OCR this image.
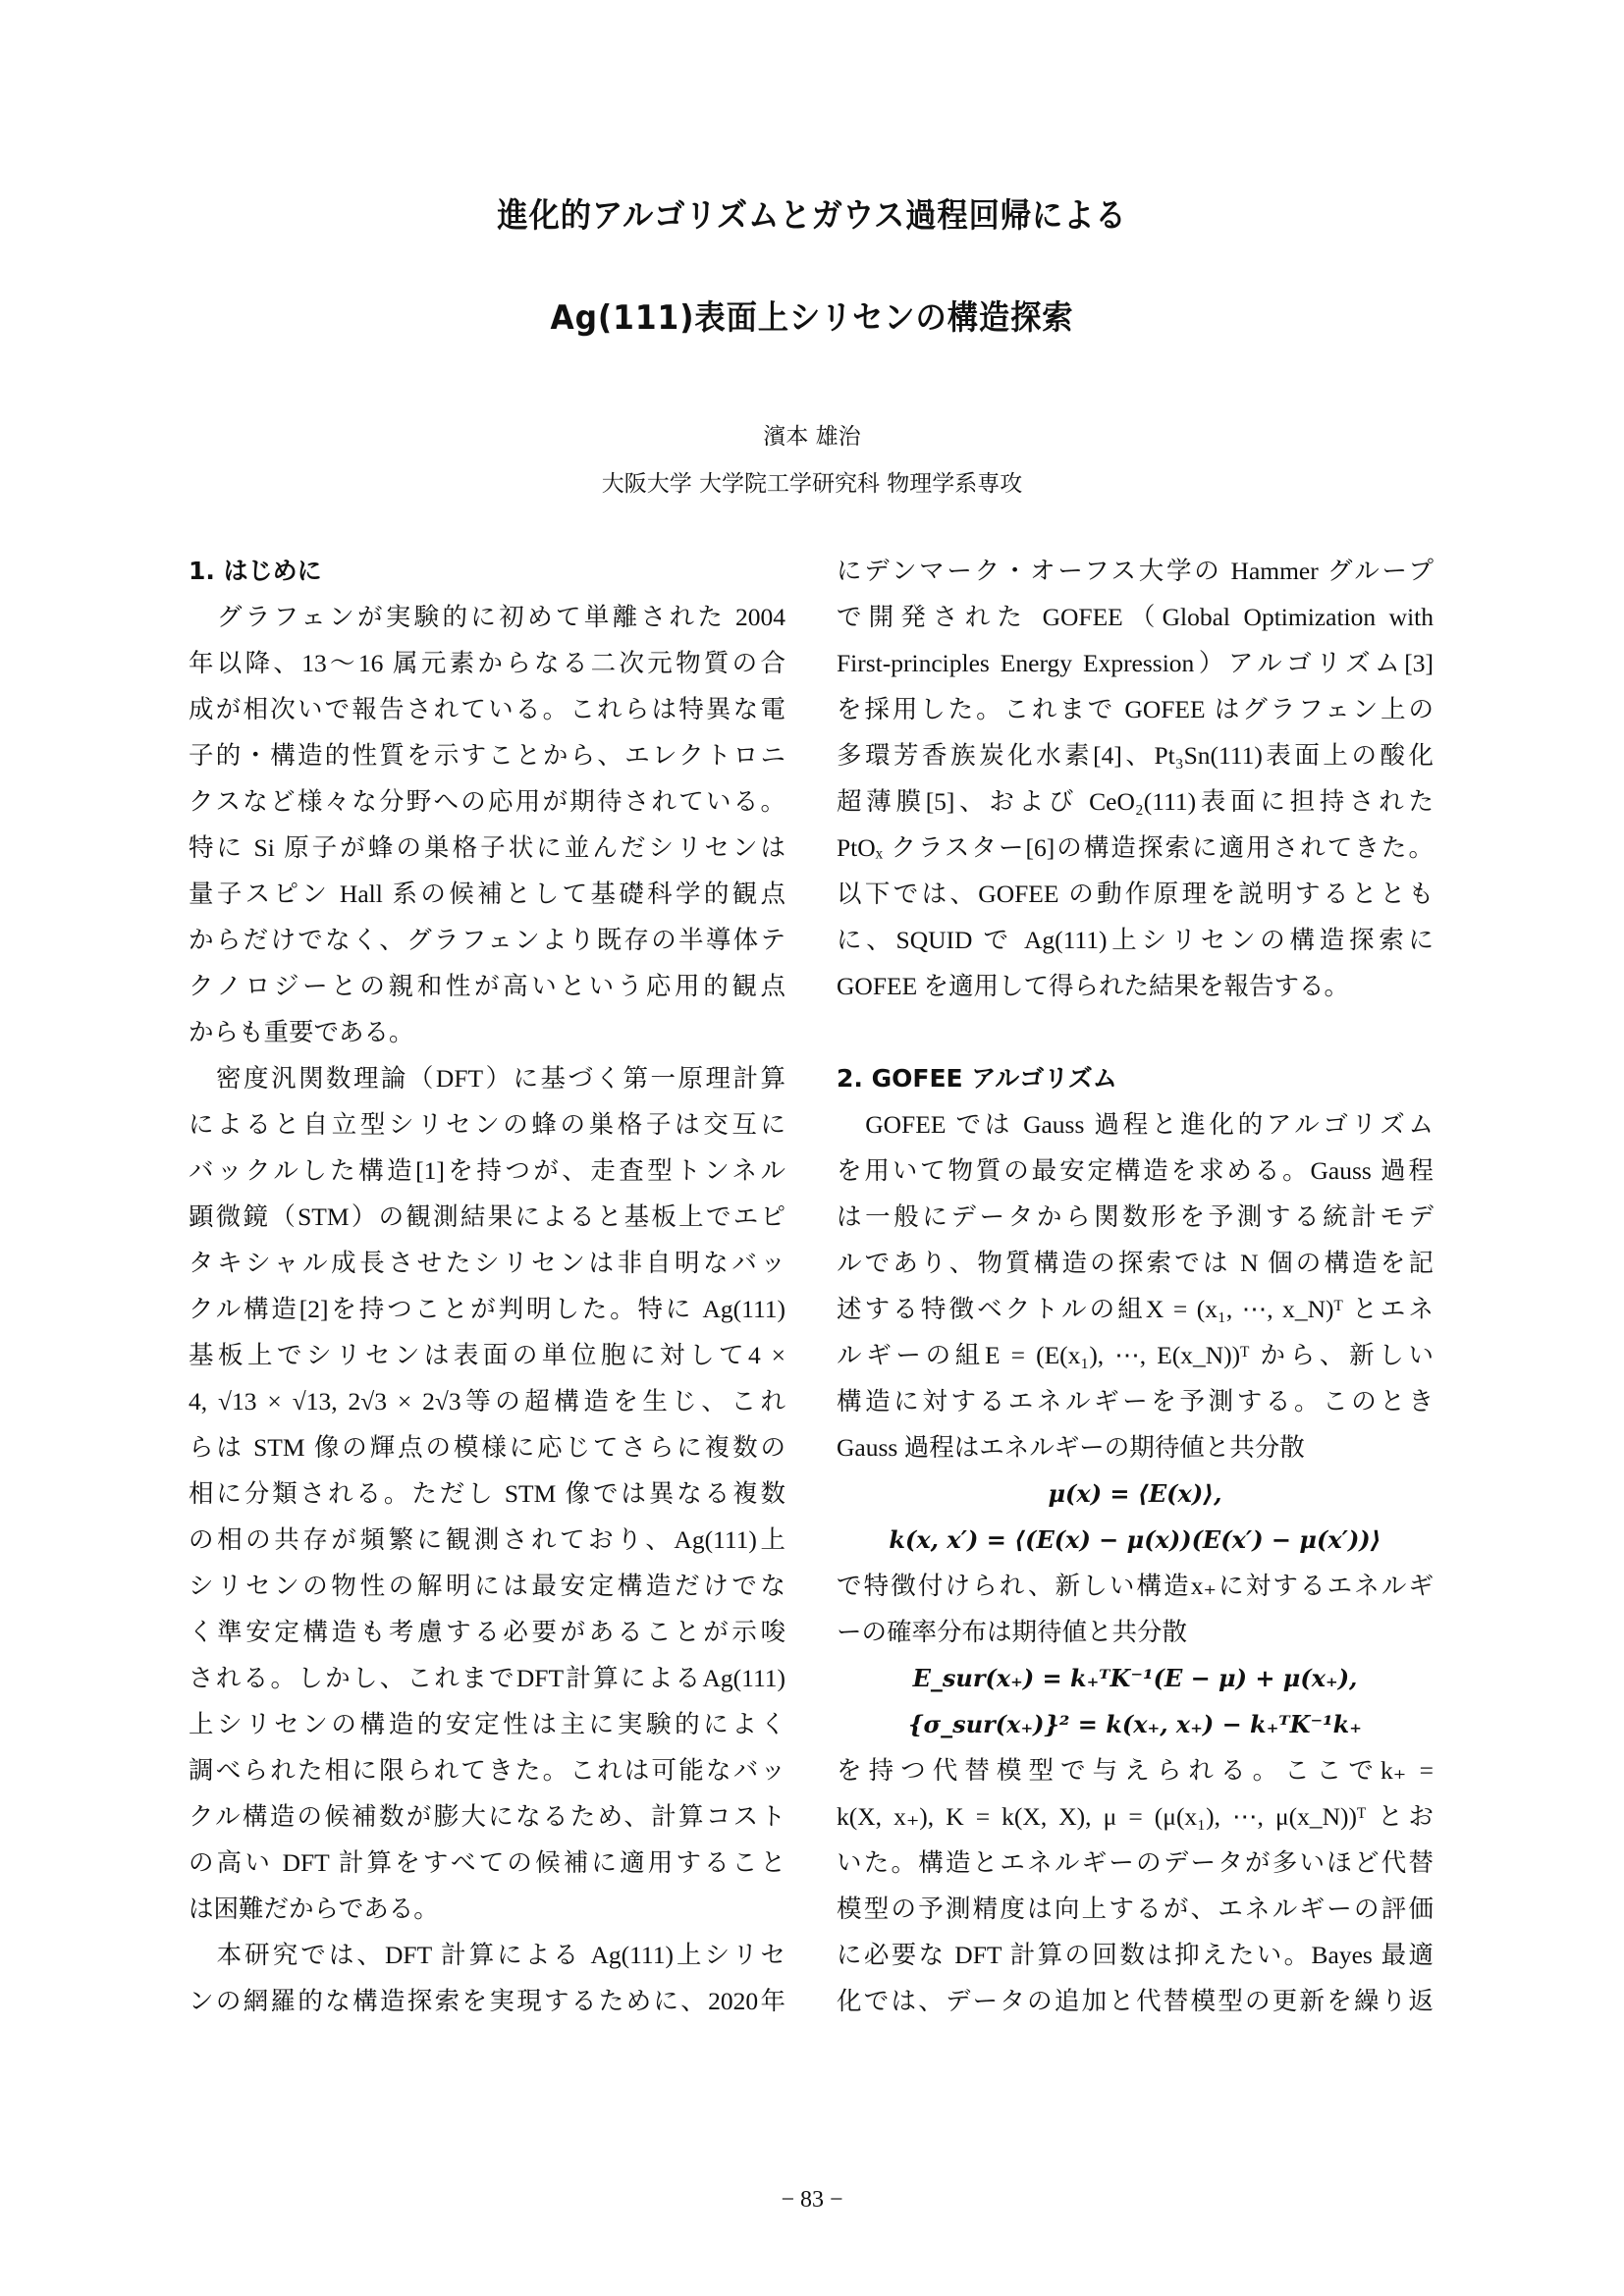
進化的アルゴリズムとガウス過程回帰による
Ag(111)表面上シリセンの構造探索
濱本 雄治
大阪大学 大学院工学研究科 物理学系専攻
1. はじめに
　グラフェンが実験的に初めて単離された 2004
年以降、13〜16 属元素からなる二次元物質の合
成が相次いで報告されている。これらは特異な電
子的・構造的性質を示すことから、エレクトロニ
クスなど様々な分野への応用が期待されている。
特に Si 原子が蜂の巣格子状に並んだシリセンは
量子スピン Hall 系の候補として基礎科学的観点
からだけでなく、グラフェンより既存の半導体テ
クノロジーとの親和性が高いという応用的観点
からも重要である。
　密度汎関数理論（DFT）に基づく第一原理計算
によると自立型シリセンの蜂の巣格子は交互に
バックルした構造[1]を持つが、走査型トンネル
顕微鏡（STM）の観測結果によると基板上でエピ
タキシャル成長させたシリセンは非自明なバッ
クル構造[2]を持つことが判明した。特に Ag(111)
基板上でシリセンは表面の単位胞に対して4 ×
4, √13 × √13, 2√3 × 2√3等の超構造を生じ、これ
らは STM 像の輝点の模様に応じてさらに複数の
相に分類される。ただし STM 像では異なる複数
の相の共存が頻繁に観測されており、Ag(111)上
シリセンの物性の解明には最安定構造だけでな
く準安定構造も考慮する必要があることが示唆
される。しかし、これまでDFT計算によるAg(111)
上シリセンの構造的安定性は主に実験的によく
調べられた相に限られてきた。これは可能なバッ
クル構造の候補数が膨大になるため、計算コスト
の高い DFT 計算をすべての候補に適用すること
は困難だからである。
　本研究では、DFT 計算による Ag(111)上シリセ
ンの網羅的な構造探索を実現するために、2020年
にデンマーク・オーフス大学の Hammer グループ
で開発された GOFEE（Global Optimization with
First-principles Energy Expression）アルゴリズム[3]
を採用した。これまで GOFEE はグラフェン上の
多環芳香族炭化水素[4]、Pt₃Sn(111)表面上の酸化
超薄膜[5]、および CeO₂(111)表面に担持された
PtOₓ クラスター[6]の構造探索に適用されてきた。
以下では、GOFEE の動作原理を説明するととも
に、SQUID で Ag(111)上シリセンの構造探索に
GOFEE を適用して得られた結果を報告する。
2. GOFEE アルゴリズム
　GOFEE では Gauss 過程と進化的アルゴリズム
を用いて物質の最安定構造を求める。Gauss 過程
は一般にデータから関数形を予測する統計モデ
ルであり、物質構造の探索では N 個の構造を記
述する特徴ベクトルの組X = (x₁, ⋯, x_N)ᵀ とエネ
ルギーの組E = (E(x₁), ⋯, E(x_N))ᵀ から、新しい
構造に対するエネルギーを予測する。このとき
Gauss 過程はエネルギーの期待値と共分散
μ(x) = ⟨E(x)⟩,
k(x, x′) = ⟨(E(x) − μ(x))(E(x′) − μ(x′))⟩
で特徴付けられ、新しい構造x₊に対するエネルギ
ーの確率分布は期待値と共分散
E_sur(x₊) = k₊ᵀK⁻¹(E − μ) + μ(x₊),
{σ_sur(x₊)}² = k(x₊, x₊) − k₊ᵀK⁻¹k₊
を持つ代替模型で与えられる。ここでk₊ =
k(X, x₊), K = k(X, X), μ = (μ(x₁), ⋯, μ(x_N))ᵀ とお
いた。構造とエネルギーのデータが多いほど代替
模型の予測精度は向上するが、エネルギーの評価
に必要な DFT 計算の回数は抑えたい。Bayes 最適
化では、データの追加と代替模型の更新を繰り返
− 83 −
